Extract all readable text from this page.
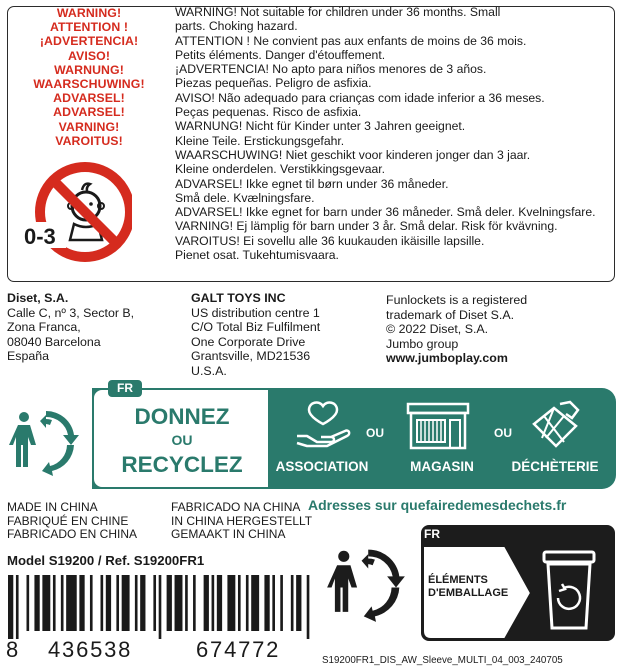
WARNING!
ATTENTION !
¡ADVERTENCIA!
AVISO!
WARNUNG!
WAARSCHUWING!
ADVARSEL!
ADVARSEL!
VARNING!
VAROITUS!
0-3
WARNING! Not suitable for children under 36 months. Small
parts. Choking hazard.
ATTENTION ! Ne convient pas aux enfants de moins de 36 mois.
Petits éléments. Danger d'étouffement.
¡ADVERTENCIA! No apto para niños menores de 3 años.
Piezas pequeñas. Peligro de asfixia.
AVISO! Não adequado para crianças com idade inferior a 36 meses.
Peças pequenas. Risco de asfixia.
WARNUNG! Nicht für Kinder unter 3 Jahren geeignet.
Kleine Teile. Erstickungsgefahr.
WAARSCHUWING! Niet geschikt voor kinderen jonger dan 3 jaar.
Kleine onderdelen. Verstikkingsgevaar.
ADVARSEL! Ikke egnet til børn under 36 måneder.
Små dele. Kvælningsfare.
ADVARSEL! Ikke egnet for barn under 36 måneder. Små deler. Kvelningsfare.
VARNING! Ej lämplig för barn under 3 år. Små delar. Risk för kvävning.
VAROITUS! Ei sovellu alle 36 kuukauden ikäisille lapsille.
Pienet osat. Tukehtumisvaara.
Diset, S.A.
Calle C, nº 3, Sector B,
Zona Franca,
08040 Barcelona
España
GALT TOYS INC
US distribution centre 1
C/O Total Biz Fulfilment
One Corporate Drive
Grantsville, MD21536
U.S.A.
Funlockets is a registered
trademark of Diset S.A.
© 2022 Diset, S.A.
Jumbo group
www.jumboplay.com
FR
DONNEZ
OU
RECYCLEZ
OU	OU
ASSOCIATION	MAGASIN	DÉCHÈTERIE
MADE IN CHINA
FABRIQUÉ EN CHINE
FABRICADO EN CHINA
FABRICADO NA CHINA
IN CHINA HERGESTELLT
GEMAAKT IN CHINA
Adresses sur quefairedemesdechets.fr
Model S19200 / Ref. S19200FR1
8 436538	674772
FR
ÉLÉMENTS
D'EMBALLAGE
S19200FR1_DIS_AW_Sleeve_MULTI_04_003_240705
